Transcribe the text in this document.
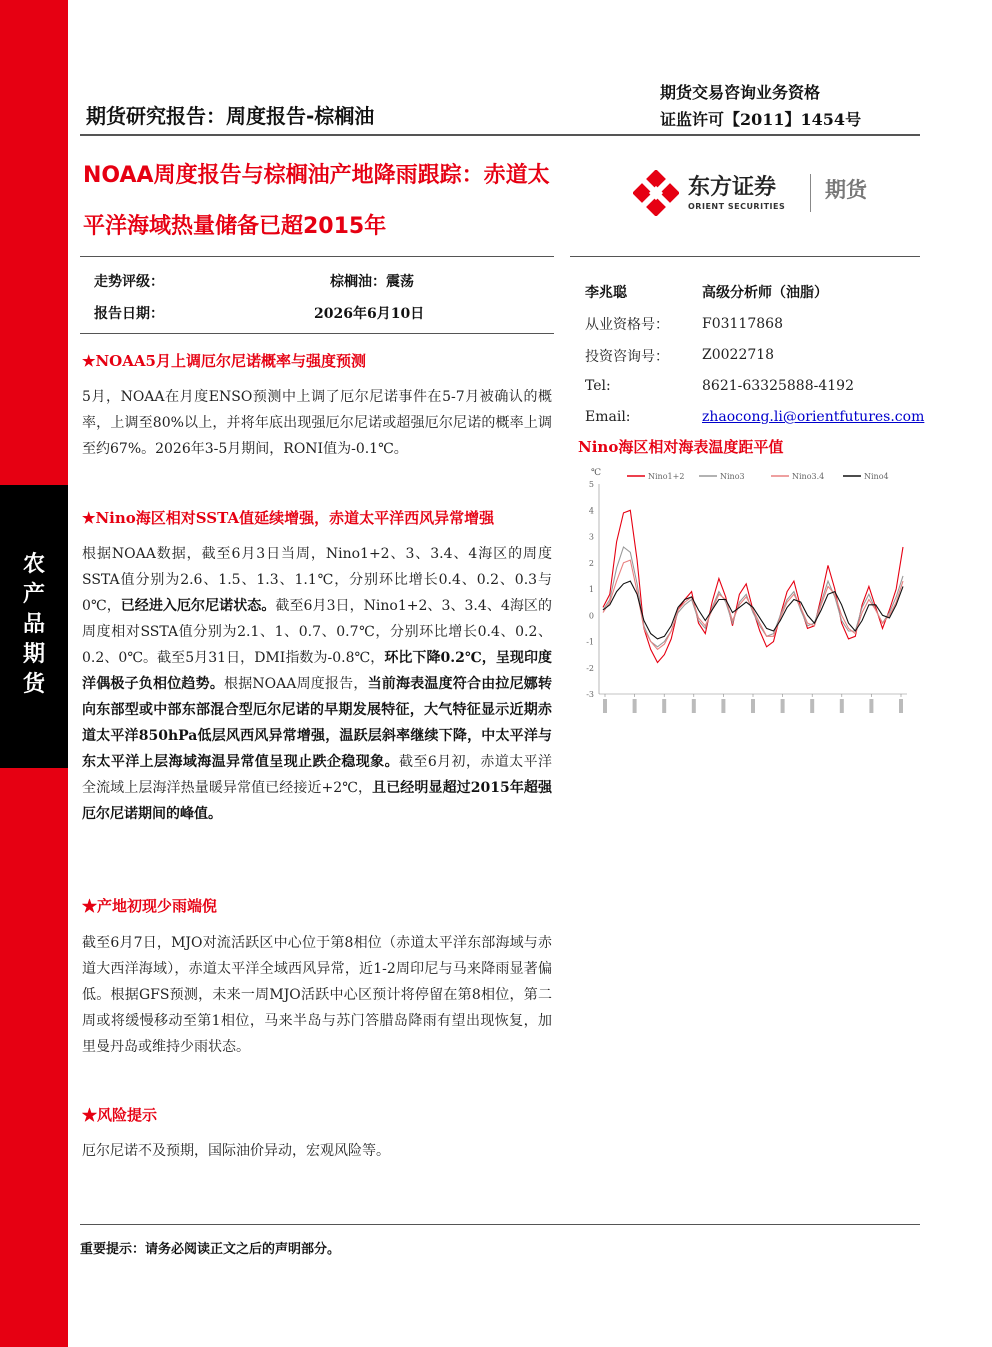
农
产
品
期
货
期货研究报告：周度报告-棕榈油
期货交易咨询业务资格
证监许可【2011】1454号
NOAA周度报告与棕榈油产地降雨跟踪：赤道太平洋海域热量储备已超2015年
东方证券
ORIENT SECURITIES
期货
走势评级：	棕榈油：震荡
报告日期：	2026年6月10日
李兆聪	高级分析师（油脂）
从业资格号： F03117868
投资咨询号： Z0022718
Tel:	8621-63325888-4192
Email:	zhaocong.li@orientfutures.com
Nino海区相对海表温度距平值
℃
-3
-2
-1
0
1
2
3
4
5
Nino1+2	Nino3	Nino3.4	Nino4
★NOAA5月上调厄尔尼诺概率与强度预测
5月，NOAA在月度ENSO预测中上调了厄尔尼诺事件在5-7月被确认的概率，上调至80%以上，并将年底出现强厄尔尼诺或超强厄尔尼诺的概率上调至约67%。2026年3-5月期间，RONI值为-0.1℃。
★Nino海区相对SSTA值延续增强，赤道太平洋西风异常增强
根据NOAA数据，截至6月3日当周，Nino1+2、3、3.4、4海区的周度SSTA值分别为2.6、1.5、1.3、1.1℃，分别环比增长0.4、0.2、0.3与0℃，已经进入厄尔尼诺状态。截至6月3日，Nino1+2、3、3.4、4海区的周度相对SSTA值分别为2.1、1、0.7、0.7℃，分别环比增长0.4、0.2、0.2、0℃。截至5月31日，DMI指数为-0.8℃，环比下降0.2℃，呈现印度洋偶极子负相位趋势。根据NOAA周度报告，当前海表温度符合由拉尼娜转向东部型或中部东部混合型厄尔尼诺的早期发展特征，大气特征显示近期赤道太平洋850hPa低层风西风异常增强，温跃层斜率继续下降，中太平洋与东太平洋上层海域海温异常值呈现止跌企稳现象。截至6月初，赤道太平洋全流域上层海洋热量暖异常值已经接近+2℃，且已经明显超过2015年超强厄尔尼诺期间的峰值。
★产地初现少雨端倪
截至6月7日，MJO对流活跃区中心位于第8相位（赤道太平洋东部海域与赤道大西洋海域），赤道太平洋全域西风异常，近1-2周印尼与马来降雨显著偏低。根据GFS预测，未来一周MJO活跃中心区预计将停留在第8相位，第二周或将缓慢移动至第1相位，马来半岛与苏门答腊岛降雨有望出现恢复，加里曼丹岛或维持少雨状态。
★风险提示
厄尔尼诺不及预期，国际油价异动，宏观风险等。
重要提示：请务必阅读正文之后的声明部分。
